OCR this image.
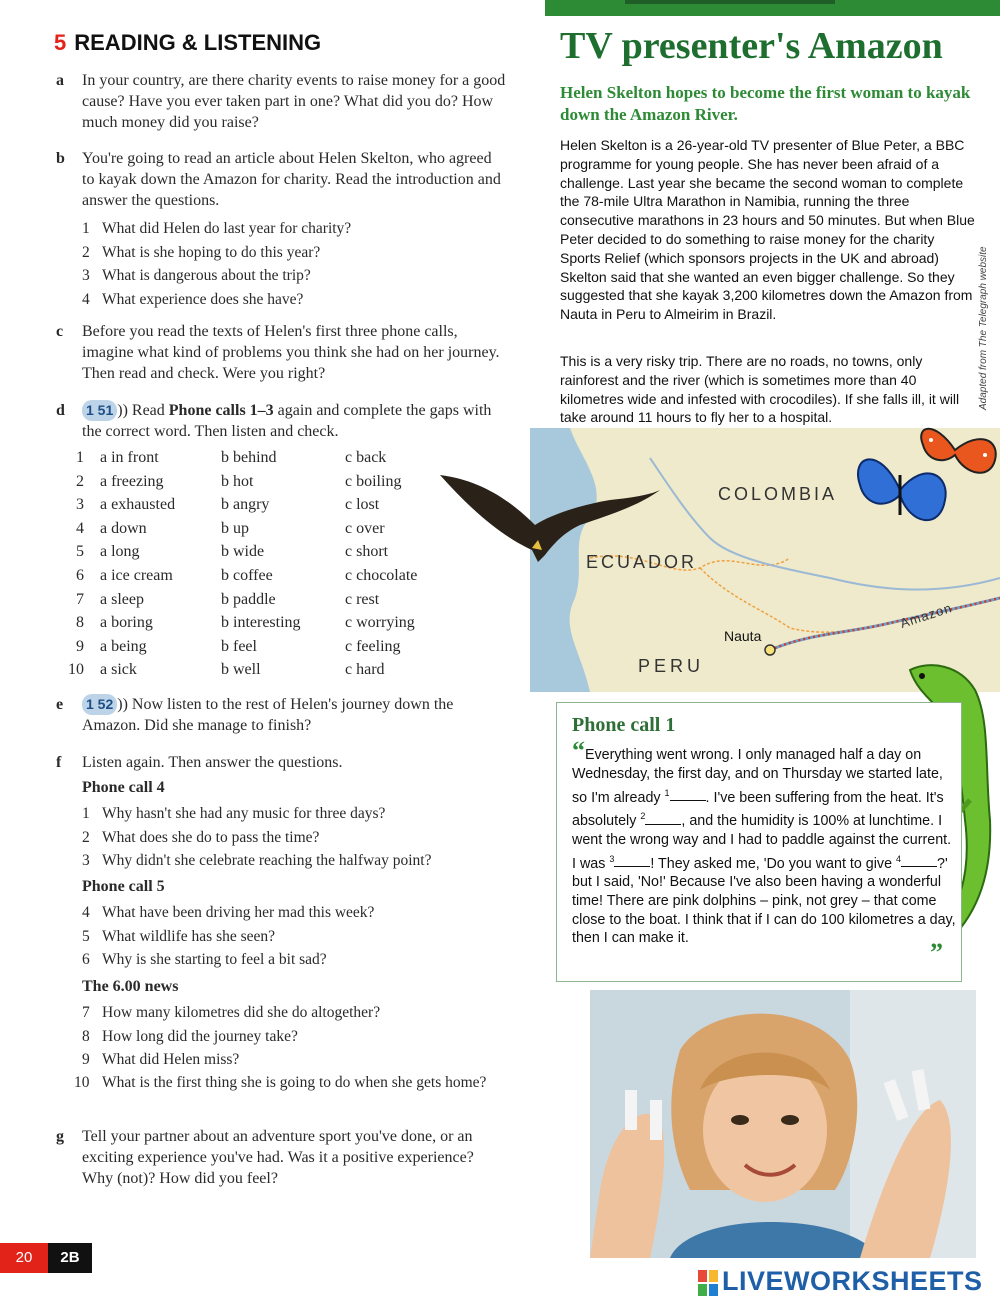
5 READING & LISTENING
a In your country, are there charity events to raise money for a good cause? Have you ever taken part in one? What did you do? How much money did you raise?
b You're going to read an article about Helen Skelton, who agreed to kayak down the Amazon for charity. Read the introduction and answer the questions.
1 What did Helen do last year for charity?
2 What is she hoping to do this year?
3 What is dangerous about the trip?
4 What experience does she have?
c Before you read the texts of Helen's first three phone calls, imagine what kind of problems you think she had on her journey. Then read and check. Were you right?
d 1 51 )) Read Phone calls 1–3 again and complete the gaps with the correct word. Then listen and check.
1 a in front	b behind	c back
2 a freezing	b hot	c boiling
3 a exhausted	b angry	c lost
4 a down	b up	c over
5 a long	b wide	c short
6 a ice cream	b coffee	c chocolate
7 a sleep	b paddle	c rest
8 a boring	b interesting	c worrying
9 a being	b feel	c feeling
10 a sick	b well	c hard
e 1 52 )) Now listen to the rest of Helen's journey down the Amazon. Did she manage to finish?
f Listen again. Then answer the questions.
Phone call 4
1 Why hasn't she had any music for three days?
2 What does she do to pass the time?
3 Why didn't she celebrate reaching the halfway point?
Phone call 5
4 What have been driving her mad this week?
5 What wildlife has she seen?
6 Why is she starting to feel a bit sad?
The 6.00 news
7 How many kilometres did she do altogether?
8 How long did the journey take?
9 What did Helen miss?
10 What is the first thing she is going to do when she gets home?
g Tell your partner about an adventure sport you've done, or an exciting experience you've had. Was it a positive experience? Why (not)? How did you feel?
TV presenter's Amazon
Helen Skelton hopes to become the first woman to kayak down the Amazon River.
Helen Skelton is a 26-year-old TV presenter of Blue Peter, a BBC programme for young people. She has never been afraid of a challenge. Last year she became the second woman to complete the 78-mile Ultra Marathon in Namibia, running the three consecutive marathons in 23 hours and 50 minutes. But when Blue Peter decided to do something to raise money for the charity Sports Relief (which sponsors projects in the UK and abroad) Skelton said that she wanted an even bigger challenge. So they suggested that she kayak 3,200 kilometres down the Amazon from Nauta in Peru to Almeirim in Brazil.
This is a very risky trip. There are no roads, no towns, only rainforest and the river (which is sometimes more than 40 kilometres wide and infested with crocodiles). If she falls ill, it will take around 11 hours to fly her to a hospital.
Adapted from The Telegraph website
COLOMBIA
ECUADOR
PERU
Nauta
Amazon
Phone call 1
“Everything went wrong. I only managed half a day on Wednesday, the first day, and on Thursday we started late, so I'm already $^1$	. I've been suffering from the heat. It's absolutely $^2$	, and the humidity is 100% at lunchtime. I went the wrong way and I had to paddle against the current. I was $^3$	! They asked me, 'Do you want to give $^4$	?' but I said, 'No!' Because I've also been having a wonderful time! There are pink dolphins – pink, not grey – that come close to the boat. I think that if I can do 100 kilometres a day, then I can make it.	”
20	2B
LIVEWORKSHEETS
